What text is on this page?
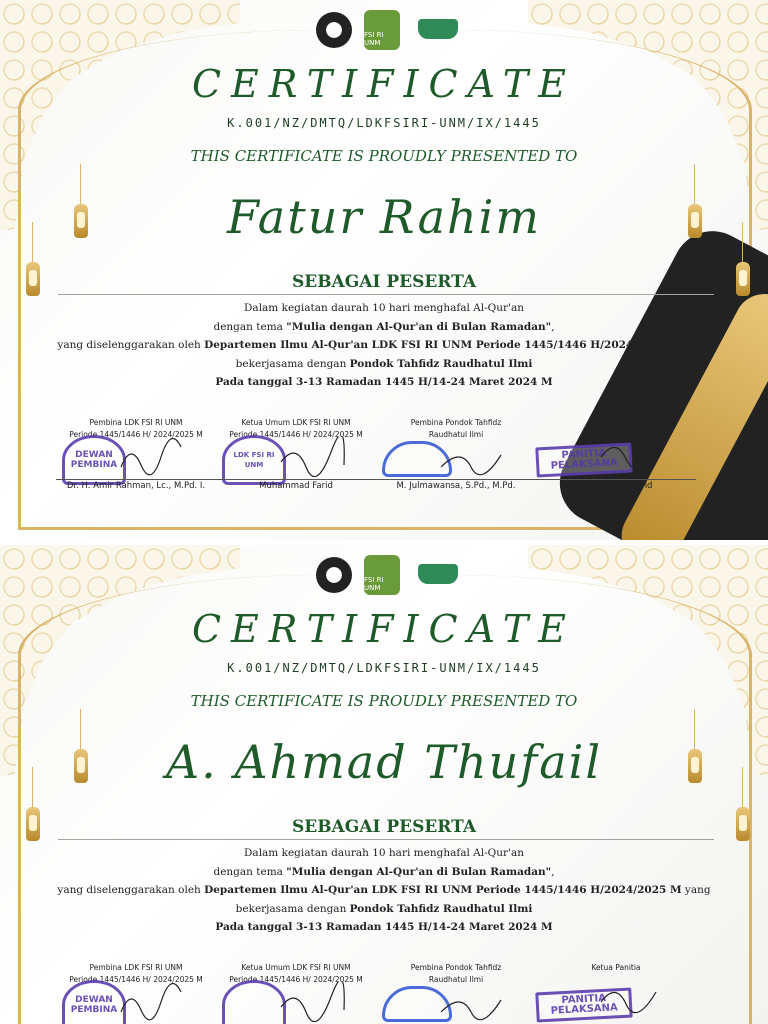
FSI RI UNM
CERTIFICATE
K.001/NZ/DMTQ/LDKFSIRI-UNM/IX/1445
THIS CERTIFICATE IS PROUDLY PRESENTED TO
Fatur Rahim
SEBAGAI PESERTA
Dalam kegiatan daurah 10 hari menghafal Al-Qur'an
dengan tema "Mulia dengan Al-Qur'an di Bulan Ramadan",
yang diselenggarakan oleh Departemen Ilmu Al-Qur'an LDK FSI RI UNM Periode 1445/1446 H/2024/2025 M yang
bekerjasama dengan Pondok Tahfidz Raudhatul Ilmi
Pada tanggal 3-13 Ramadan 1445 H/14-24 Maret 2024 M
Pembina LDK FSI RI UNM
Periode 1445/1446 H/ 2024/2025 M
DEWAN PEMBINA
Dr. H. Amir Rahman, Lc., M.Pd. I.
Ketua Umum LDK FSI RI UNM
Periode 1445/1446 H/ 2024/2025 M
LDK FSI RI UNM
Muhammad Farid
Pembina Pondok Tahfidz
Raudhatul Ilmi
M. Julmawansa, S.Pd., M.Pd.
Ketua Panitia
PANITIA PELAKSANA
Muhammad Afrid
FSI RI UNM
CERTIFICATE
K.001/NZ/DMTQ/LDKFSIRI-UNM/IX/1445
THIS CERTIFICATE IS PROUDLY PRESENTED TO
A. Ahmad Thufail
SEBAGAI PESERTA
Dalam kegiatan daurah 10 hari menghafal Al-Qur'an
dengan tema "Mulia dengan Al-Qur'an di Bulan Ramadan",
yang diselenggarakan oleh Departemen Ilmu Al-Qur'an LDK FSI RI UNM Periode 1445/1446 H/2024/2025 M yang
bekerjasama dengan Pondok Tahfidz Raudhatul Ilmi
Pada tanggal 3-13 Ramadan 1445 H/14-24 Maret 2024 M
Pembina LDK FSI RI UNM
Periode 1445/1446 H/ 2024/2025 M
DEWAN PEMBINA
Ketua Umum LDK FSI RI UNM
Periode 1445/1446 H/ 2024/2025 M
Pembina Pondok Tahfidz
Raudhatul Ilmi
Ketua Panitia
PANITIA PELAKSANA
